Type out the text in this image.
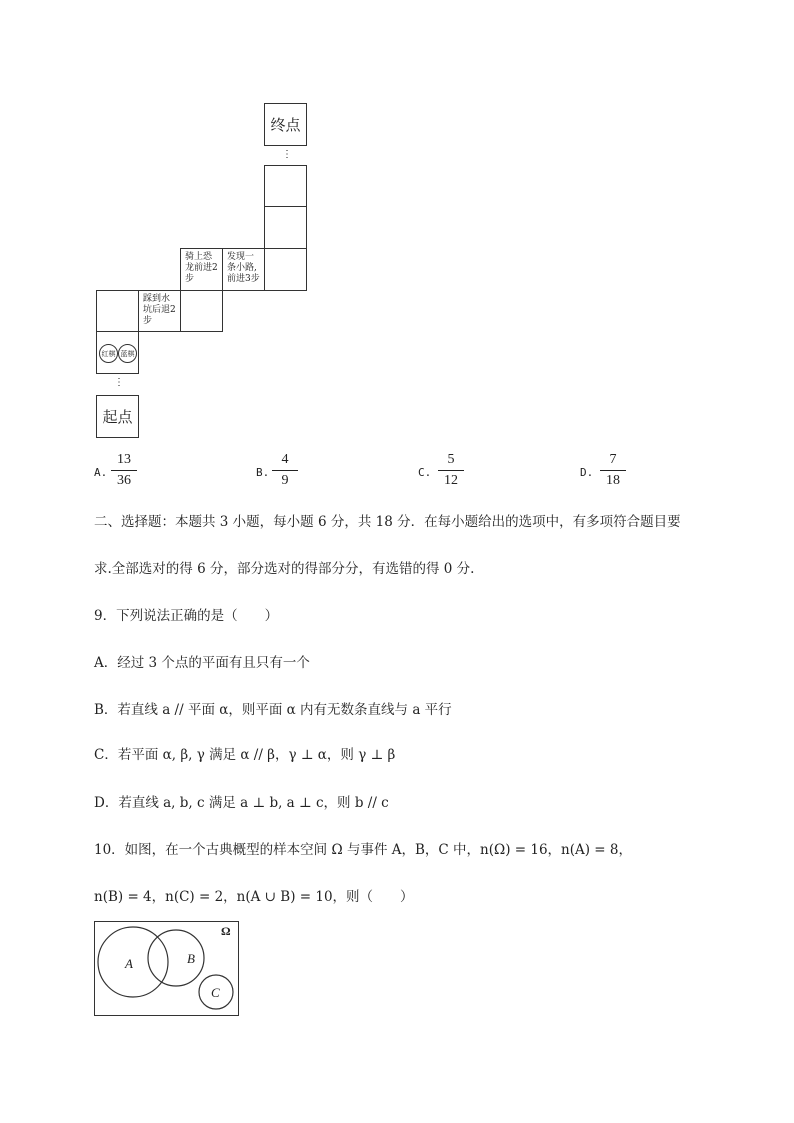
终点
⋮
发现一条小路,前进3步
骑上恐龙前进2步
踩到水坑后退2步
红棋 蓝棋
⋮
起点
A.
13
36
B.
4
9
C.
5
12
D.
7
18
二、选择题：本题共 3 小题，每小题 6 分，共 18 分．在每小题给出的选项中，有多项符合题目要
求.全部选对的得 6 分，部分选对的得部分分，有选错的得 0 分.
9．下列说法正确的是（　　）
A．经过 3 个点的平面有且只有一个
B．若直线 a // 平面 α，则平面 α 内有无数条直线与 a 平行
C．若平面 α, β, γ 满足 α // β，γ ⊥ α，则 γ ⊥ β
D．若直线 a, b, c 满足 a ⊥ b, a ⊥ c，则 b // c
10．如图，在一个古典概型的样本空间 Ω 与事件 A，B，C 中，n(Ω) = 16，n(A) = 8，
n(B) = 4，n(C) = 2，n(A ∪ B) = 10，则（　　）
Ω
A	B
C
